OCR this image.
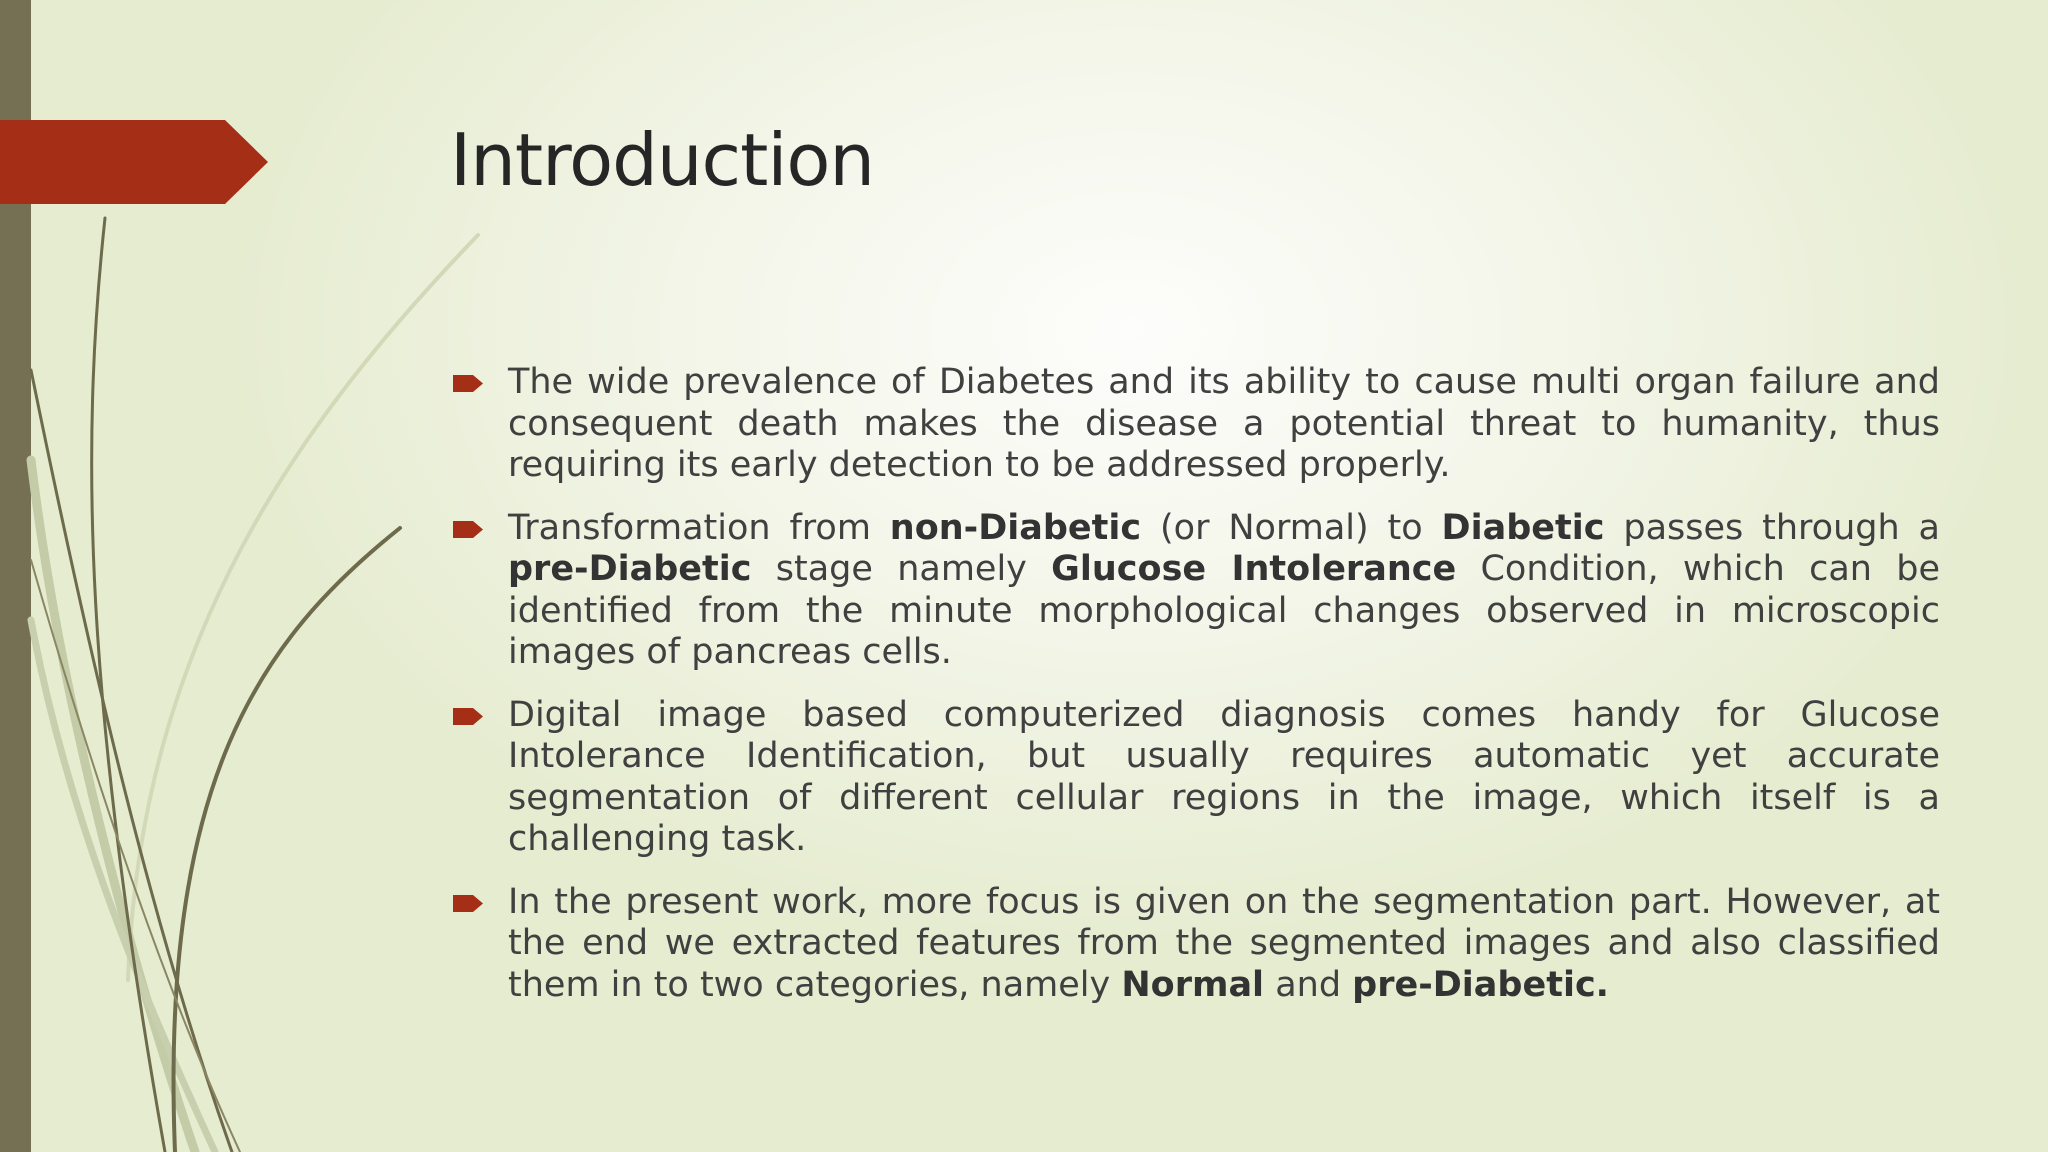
Introduction
The wide prevalence of Diabetes and its ability to cause multi organ failure and consequent death makes the disease a potential threat to humanity, thus requiring its early detection to be addressed properly.
Transformation from non-Diabetic (or Normal) to Diabetic passes through a pre-Diabetic stage namely Glucose Intolerance Condition, which can be identified from the minute morphological changes observed in microscopic images of pancreas cells.
Digital image based computerized diagnosis comes handy for Glucose Intolerance Identification, but usually requires automatic yet accurate segmentation of different cellular regions in the image, which itself is a challenging task.
In the present work, more focus is given on the segmentation part. However, at the end we extracted features from the segmented images and also classified them in to two categories, namely Normal and pre-Diabetic.
